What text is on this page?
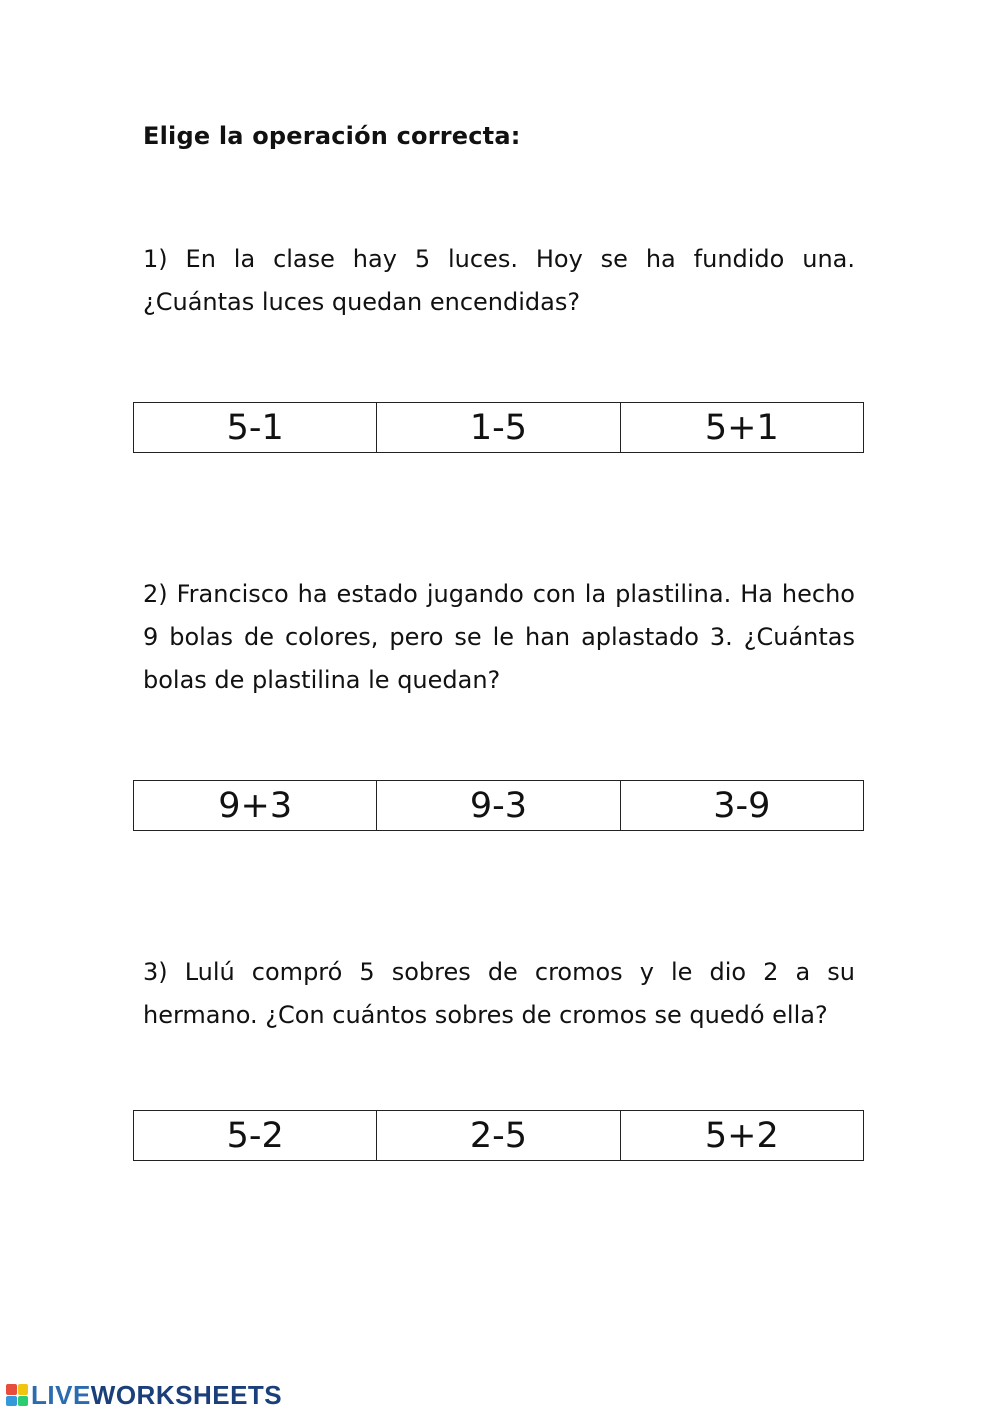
Elige la operación correcta:
1) En la clase hay 5 luces. Hoy se ha fundido una. ¿Cuántas luces quedan encendidas?
5-1	1-5	5+1
2) Francisco ha estado jugando con la plastilina. Ha hecho 9 bolas de colores, pero se le han aplastado 3. ¿Cuántas bolas de plastilina le quedan?
9+3	9-3	3-9
3) Lulú compró 5 sobres de cromos y le dio 2 a su hermano. ¿Con cuántos sobres de cromos se quedó ella?
5-2	2-5	5+2
LIVE WORKSHEETS
